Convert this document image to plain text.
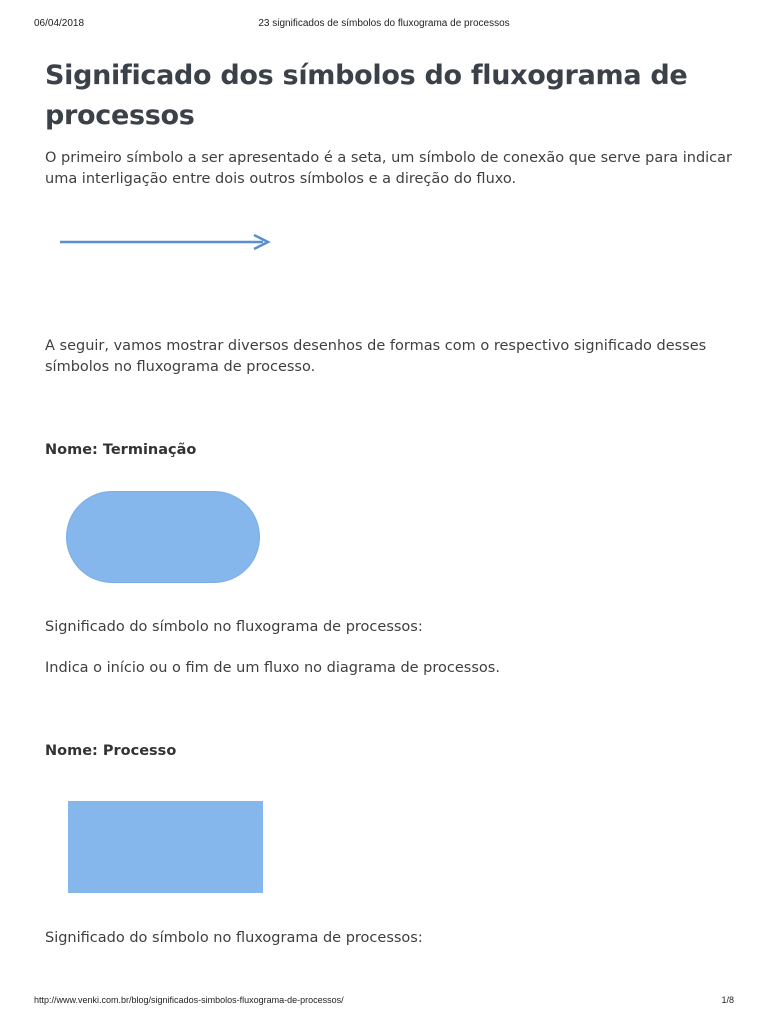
06/04/2018	23 significados de símbolos do fluxograma de processos
Significado dos símbolos do fluxograma de processos

O primeiro símbolo a ser apresentado é a seta, um símbolo de conexão que serve para indicar uma interligação entre dois outros símbolos e a direção do fluxo.

A seguir, vamos mostrar diversos desenhos de formas com o respectivo significado desses símbolos no fluxograma de processo.

Nome: Terminação

Significado do símbolo no fluxograma de processos:

Indica o início ou o fim de um fluxo no diagrama de processos.

Nome: Processo

Significado do símbolo no fluxograma de processos:

http://www.venki.com.br/blog/significados-simbolos-fluxograma-de-processos/	1/8
